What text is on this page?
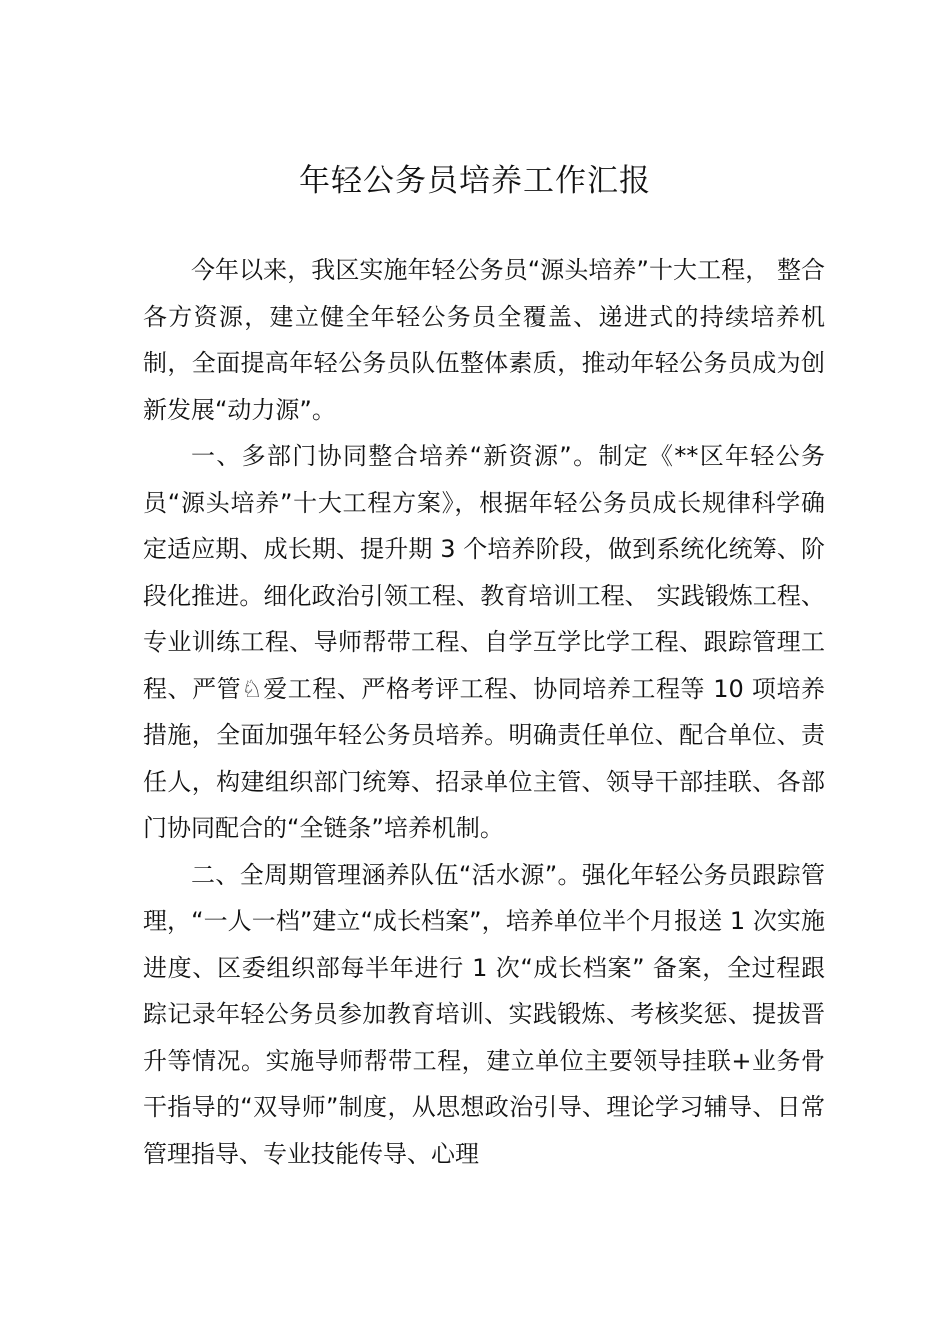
年轻公务员培养工作汇报

今年以来，我区实施年轻公务员“源头培养”十大工程， 整合各方资源，建立健全年轻公务员全覆盖、递进式的持续培养机制，全面提高年轻公务员队伍整体素质，推动年轻公务员成为创新发展“动力源”。

一、多部门协同整合培养“新资源”。制定《**区年轻公务员“源头培养”十大工程方案》，根据年轻公务员成长规律科学确定适应期、成长期、提升期 3 个培养阶段，做到系统化统筹、阶段化推进。细化政治引领工程、教育培训工程、 实践锻炼工程、专业训练工程、导师帮带工程、自学互学比学工程、跟踪管理工程、严管♘爱工程、严格考评工程、协同培养工程等 10 项培养措施，全面加强年轻公务员培养。明确责任单位、配合单位、责任人，构建组织部门统筹、招录单位主管、领导干部挂联、各部门协同配合的“全链条”培养机制。

二、全周期管理涵养队伍“活水源”。强化年轻公务员跟踪管理，“一人一档”建立“成长档案”，培养单位半个月报送 1 次实施进度、区委组织部每半年进行 1 次“成长档案” 备案，全过程跟踪记录年轻公务员参加教育培训、实践锻炼、考核奖惩、提拔晋升等情况。实施导师帮带工程，建立单位主要领导挂联+业务骨干指导的“双导师”制度，从思想政治引导、理论学习辅导、日常管理指导、专业技能传导、心理
